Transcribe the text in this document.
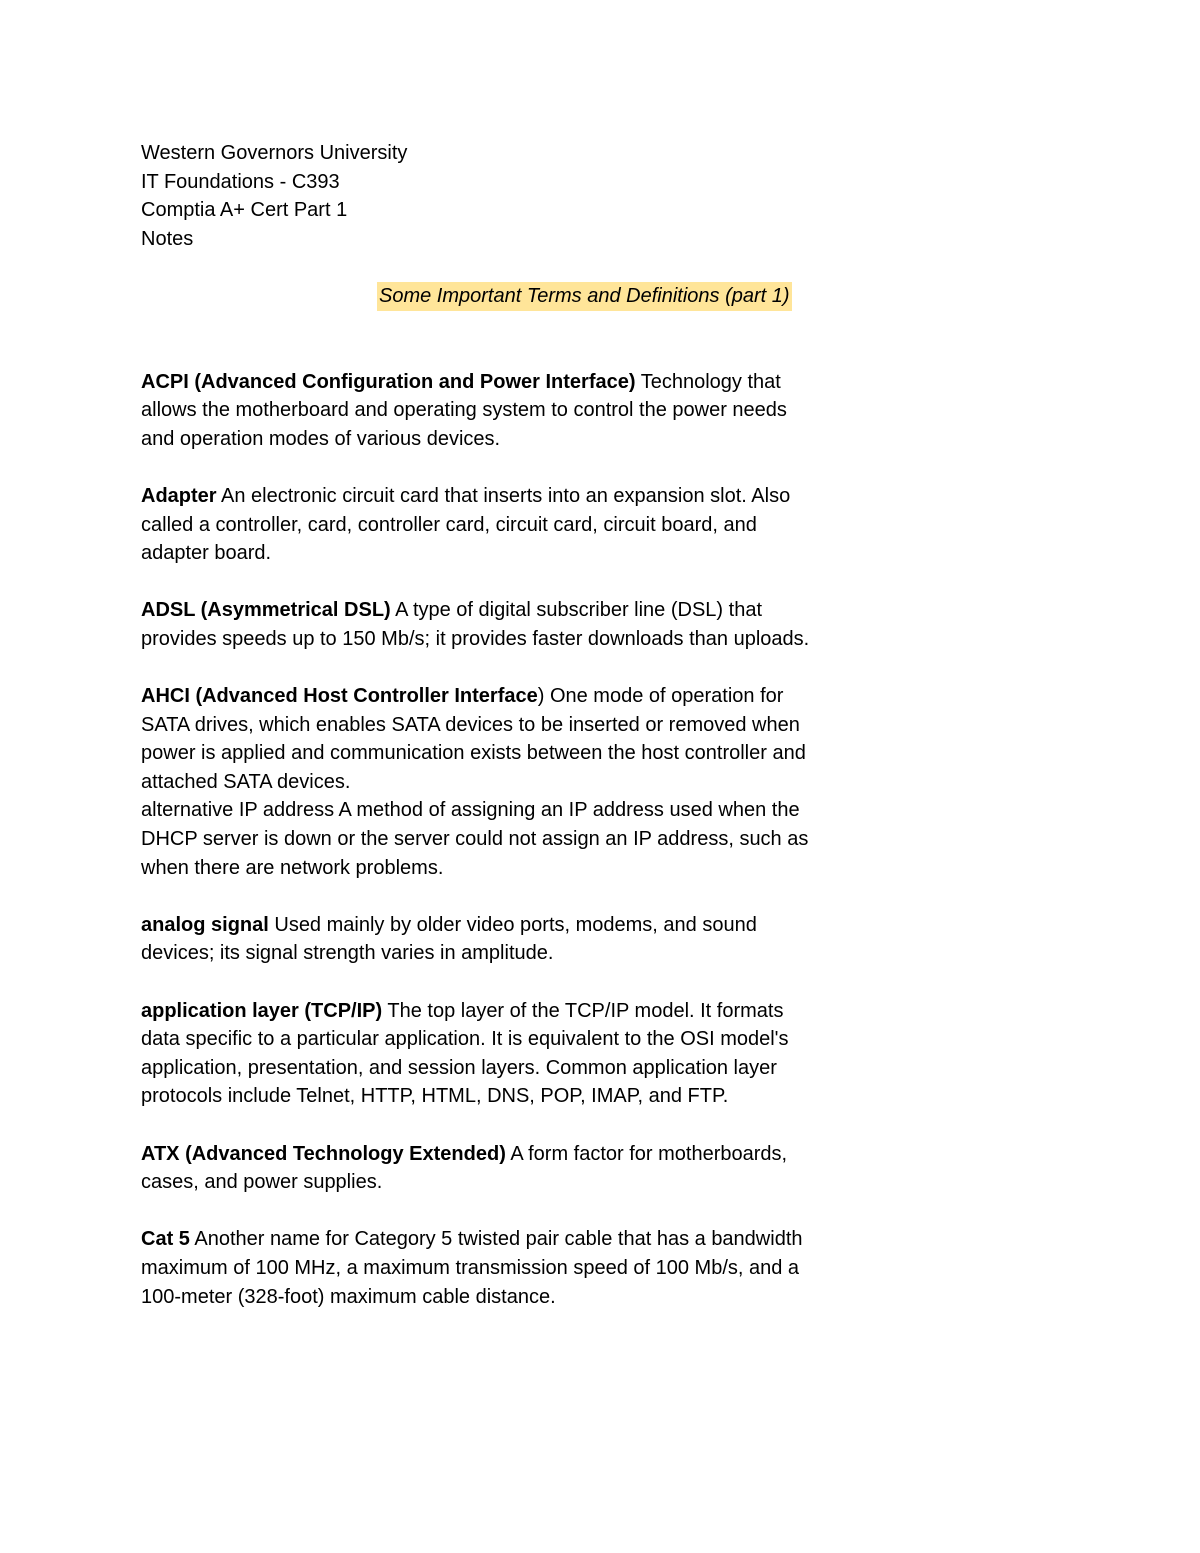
Western Governors University
IT Foundations - C393
Comptia A+ Cert Part 1
Notes
Some Important Terms and Definitions (part 1)

ACPI (Advanced Configuration and Power Interface) Technology that allows the motherboard and operating system to control the power needs and operation modes of various devices.

Adapter An electronic circuit card that inserts into an expansion slot. Also called a controller, card, controller card, circuit card, circuit board, and adapter board.

ADSL (Asymmetrical DSL) A type of digital subscriber line (DSL) that provides speeds up to 150 Mb/s; it provides faster downloads than uploads.

AHCI (Advanced Host Controller Interface) One mode of operation for SATA drives, which enables SATA devices to be inserted or removed when power is applied and communication exists between the host controller and attached SATA devices.

alternative IP address A method of assigning an IP address used when the DHCP server is down or the server could not assign an IP address, such as when there are network problems.

analog signal Used mainly by older video ports, modems, and sound devices; its signal strength varies in amplitude.

application layer (TCP/IP) The top layer of the TCP/IP model. It formats data specific to a particular application. It is equivalent to the OSI model's application, presentation, and session layers. Common application layer protocols include Telnet, HTTP, HTML, DNS, POP, IMAP, and FTP.

ATX (Advanced Technology Extended) A form factor for motherboards, cases, and power supplies.

Cat 5 Another name for Category 5 twisted pair cable that has a bandwidth maximum of 100 MHz, a maximum transmission speed of 100 Mb/s, and a 100-meter (328-foot) maximum cable distance.
